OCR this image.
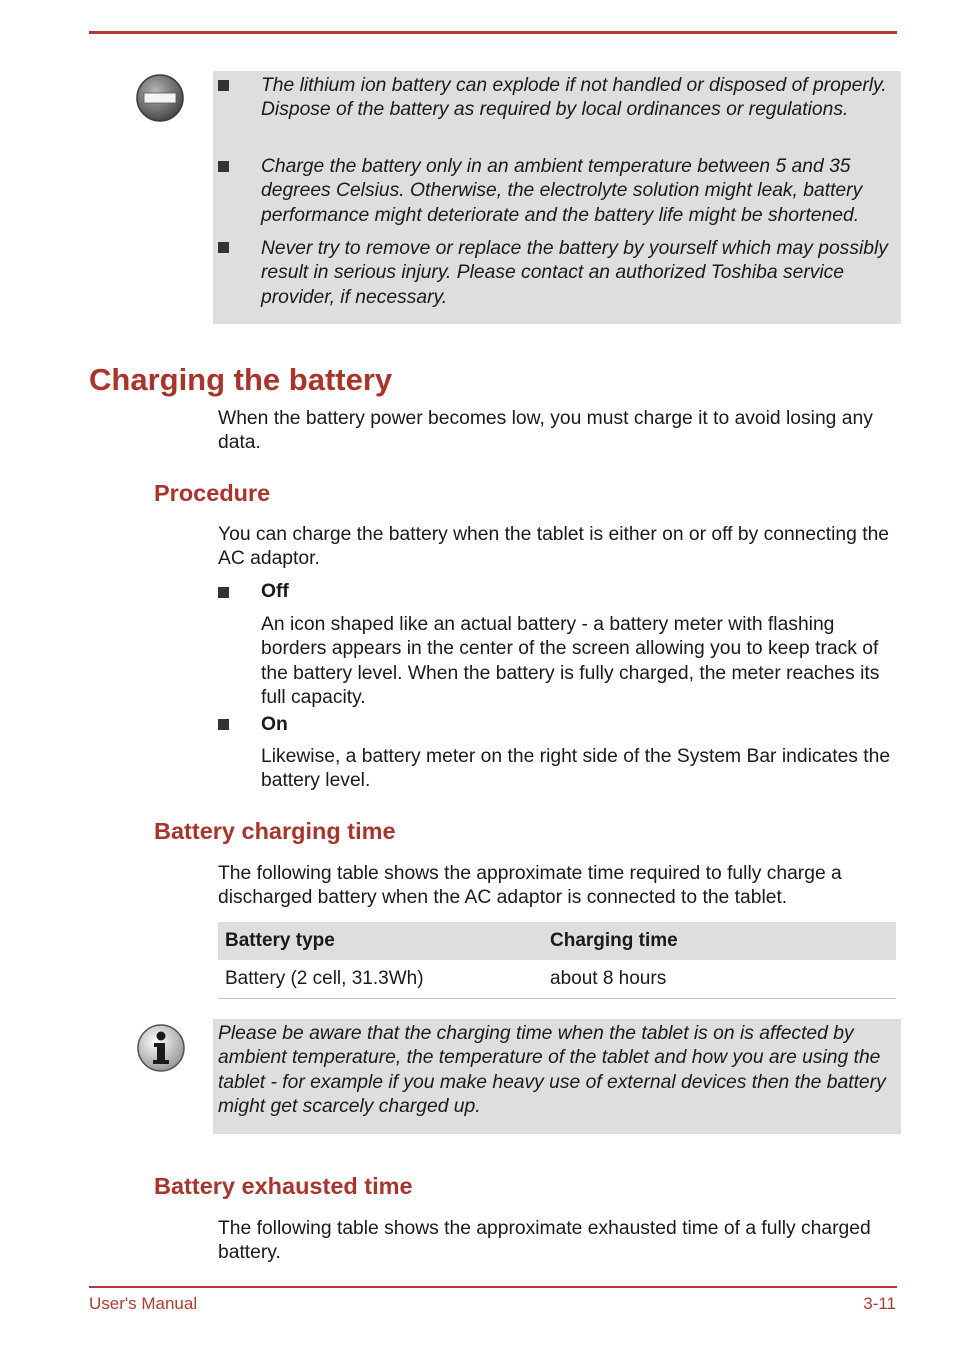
The lithium ion battery can explode if not handled or disposed of properly. Dispose of the battery as required by local ordinances or regulations.
Charge the battery only in an ambient temperature between 5 and 35 degrees Celsius. Otherwise, the electrolyte solution might leak, battery performance might deteriorate and the battery life might be shortened.
Never try to remove or replace the battery by yourself which may possibly result in serious injury. Please contact an authorized Toshiba service provider, if necessary.
Charging the battery
When the battery power becomes low, you must charge it to avoid losing any data.
Procedure
You can charge the battery when the tablet is either on or off by connecting the AC adaptor.
Off
An icon shaped like an actual battery - a battery meter with flashing borders appears in the center of the screen allowing you to keep track of the battery level. When the battery is fully charged, the meter reaches its full capacity.
On
Likewise, a battery meter on the right side of the System Bar indicates the battery level.
Battery charging time
The following table shows the approximate time required to fully charge a discharged battery when the AC adaptor is connected to the tablet.
Battery type	Charging time
Battery (2 cell, 31.3Wh)	about 8 hours
Please be aware that the charging time when the tablet is on is affected by ambient temperature, the temperature of the tablet and how you are using the tablet - for example if you make heavy use of external devices then the battery might get scarcely charged up.
Battery exhausted time
The following table shows the approximate exhausted time of a fully charged battery.
User's Manual	3-11
